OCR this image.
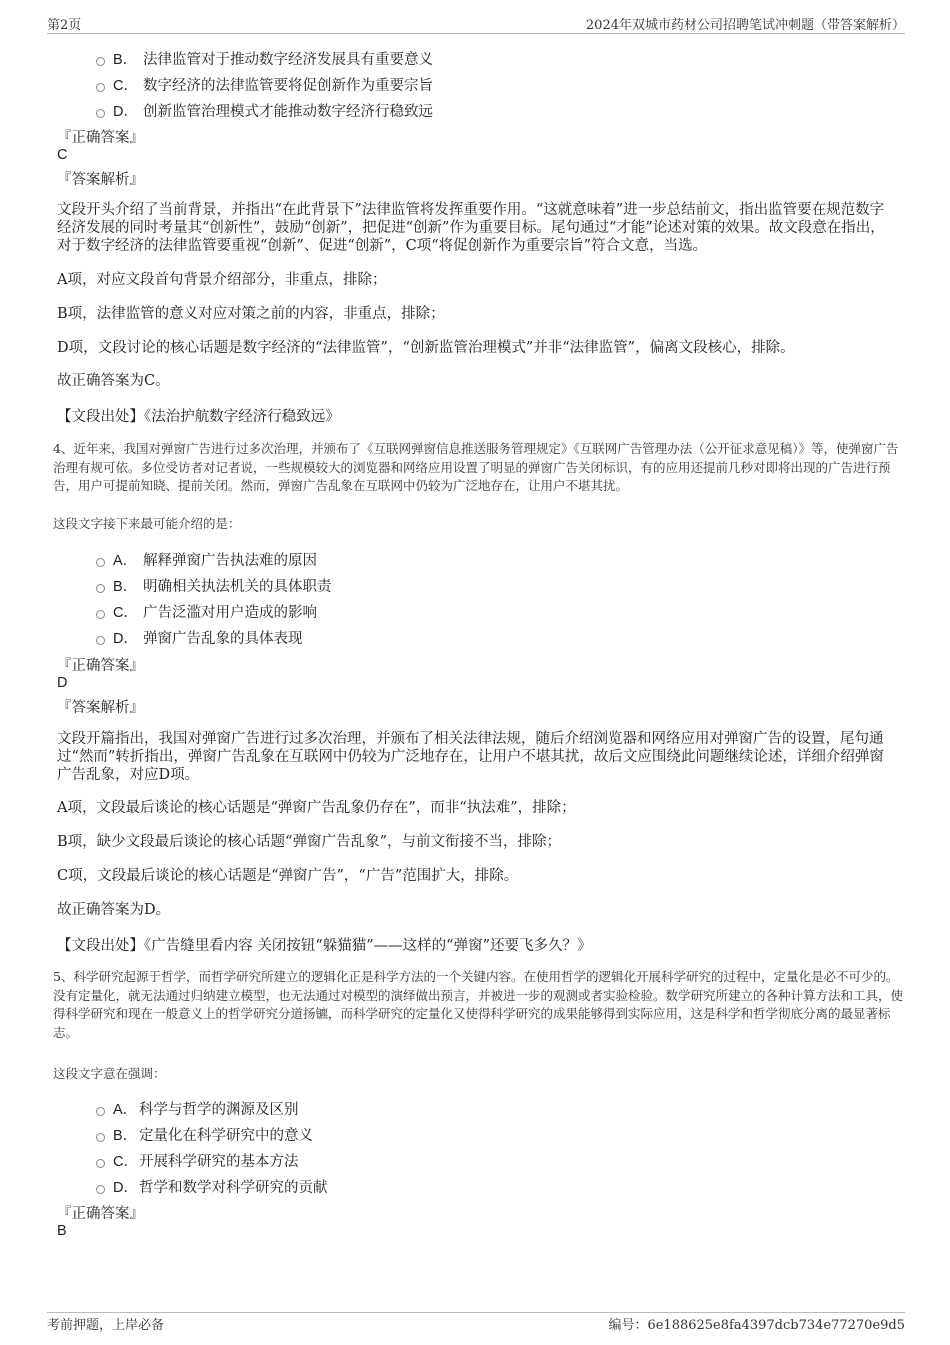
第2页	2024年双城市药材公司招聘笔试冲刺题（带答案解析）
B． 法律监管对于推动数字经济发展具有重要意义
C． 数字经济的法律监管要将促创新作为重要宗旨
D． 创新监管治理模式才能推动数字经济行稳致远
『正确答案』
C
『答案解析』
文段开头介绍了当前背景，并指出“在此背景下”法律监管将发挥重要作用。“这就意味着”进一步总结前文，指出监管要在规范数字经济发展的同时考量其“创新性”，鼓励“创新”，把促进“创新”作为重要目标。尾句通过“才能”论述对策的效果。故文段意在指出，对于数字经济的法律监管要重视“创新”、促进“创新”，C项“将促创新作为重要宗旨”符合文意，当选。
A项，对应文段首句背景介绍部分，非重点，排除；
B项，法律监管的意义对应对策之前的内容，非重点，排除；
D项，文段讨论的核心话题是数字经济的“法律监管”，“创新监管治理模式”并非“法律监管”，偏离文段核心，排除。
故正确答案为C。
【文段出处】《法治护航数字经济行稳致远》
4、近年来，我国对弹窗广告进行过多次治理，并颁布了《互联网弹窗信息推送服务管理规定》《互联网广告管理办法（公开征求意见稿）》等，使弹窗广告治理有规可依。多位受访者对记者说，一些规模较大的浏览器和网络应用设置了明显的弹窗广告关闭标识，有的应用还提前几秒对即将出现的广告进行预告，用户可提前知晓、提前关闭。然而，弹窗广告乱象在互联网中仍较为广泛地存在，让用户不堪其扰。
这段文字接下来最可能介绍的是：
A． 解释弹窗广告执法难的原因
B． 明确相关执法机关的具体职责
C． 广告泛滥对用户造成的影响
D． 弹窗广告乱象的具体表现
『正确答案』
D
『答案解析』
文段开篇指出，我国对弹窗广告进行过多次治理，并颁布了相关法律法规，随后介绍浏览器和网络应用对弹窗广告的设置，尾句通过“然而”转折指出，弹窗广告乱象在互联网中仍较为广泛地存在，让用户不堪其扰，故后文应围绕此问题继续论述，详细介绍弹窗广告乱象，对应D项。
A项，文段最后谈论的核心话题是“弹窗广告乱象仍存在”，而非“执法难”，排除；
B项，缺少文段最后谈论的核心话题“弹窗广告乱象”，与前文衔接不当，排除；
C项，文段最后谈论的核心话题是“弹窗广告”，“广告”范围扩大，排除。
故正确答案为D。
【文段出处】《广告缝里看内容 关闭按钮“躲猫猫”——这样的“弹窗”还要飞多久？》
5、科学研究起源于哲学，而哲学研究所建立的逻辑化正是科学方法的一个关键内容。在使用哲学的逻辑化开展科学研究的过程中，定量化是必不可少的。没有定量化，就无法通过归纳建立模型，也无法通过对模型的演绎做出预言，并被进一步的观测或者实验检验。数学研究所建立的各种计算方法和工具，使得科学研究和现在一般意义上的哲学研究分道扬镳，而科学研究的定量化又使得科学研究的成果能够得到实际应用，这是科学和哲学彻底分离的最显著标志。
这段文字意在强调：
A． 科学与哲学的渊源及区别
B． 定量化在科学研究中的意义
C． 开展科学研究的基本方法
D． 哲学和数学对科学研究的贡献
『正确答案』
B
考前押题，上岸必备	编号：6e188625e8fa4397dcb734e77270e9d5
